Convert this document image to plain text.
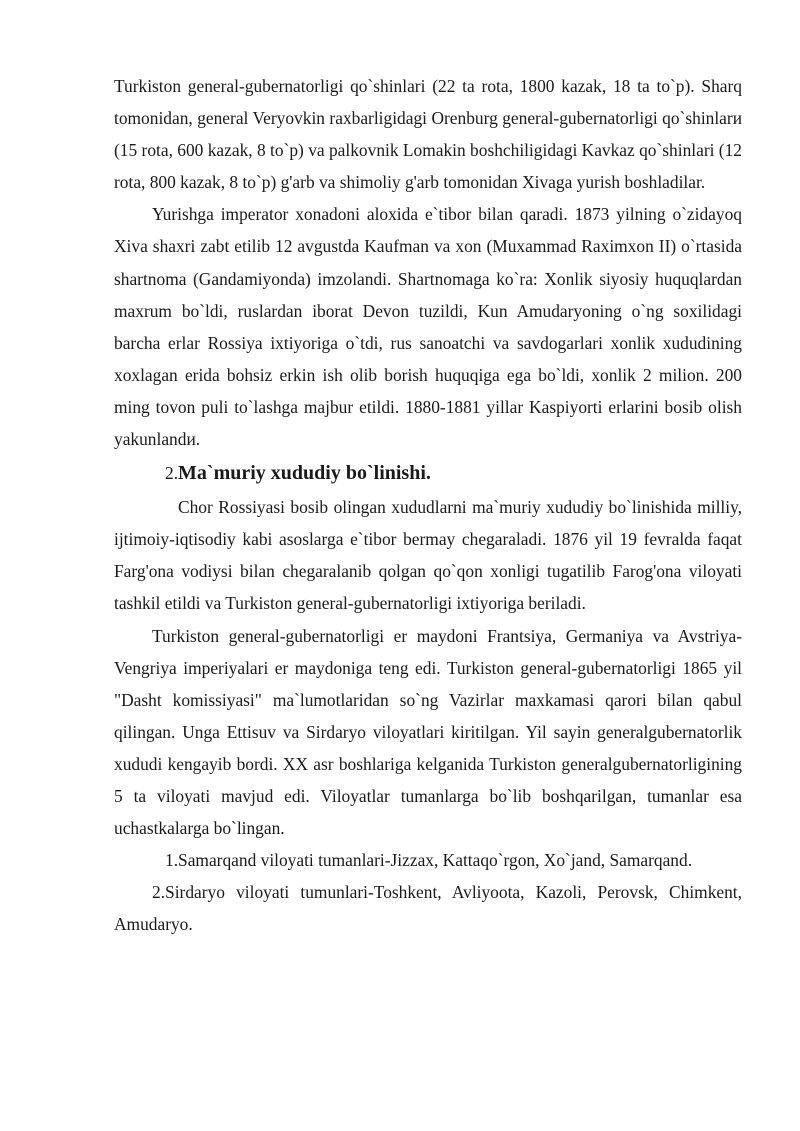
Turkiston general-gubernatorligi qo`shinlari (22 ta rota, 1800 kazak, 18 ta to`p). Sharq tomonidan, general Veryovkin raxbarligidagi Orenburg general-gubernatorligi qo`shinlarи (15 rota, 600 kazak, 8 to`p) va palkovnik Lomakin boshchiligidagi Kavkaz qo`shinlari (12 rota, 800 kazak, 8 to`p) g'arb va shimoliy g'arb tomonidan Xivaga yurish boshladilar.

Yurishga imperator xonadoni aloxida e`tibor bilan qaradi. 1873 yilning o`zidayoq Xiva shaxri zabt etilib 12 avgustda Kaufman va xon (Muxammad Raximxon II) o`rtasida shartnoma (Gandamiyonda) imzolandi. Shartnomaga ko`ra: Xonlik siyosiy huquqlardan maxrum bo`ldi, ruslardan iborat Devon tuzildi, Kun Amudaryoning o`ng soxilidagi barcha erlar Rossiya ixtiyoriga o`tdi, rus sanoatchi va savdogarlari xonlik xududining xoxlagan erida bohsiz erkin ish olib borish huquqiga ega bo`ldi, xonlik 2 milion. 200 ming tovon puli to`lashga majbur etildi. 1880-1881 yillar Kaspiyorti erlarini bosib olish yakunlandи.

2.Ma`muriy xududiy bo`linishi.

Chor Rossiyasi bosib olingan xududlarni ma`muriy xududiy bo`linishida milliy, ijtimoiy-iqtisodiy kabi asoslarga e`tibor bermay chegaraladi. 1876 yil 19 fevralda faqat Farg'ona vodiysi bilan chegaralanib qolgan qo`qon xonligi tugatilib Farog'ona viloyati tashkil etildi va Turkiston general-gubernatorligi ixtiyoriga beriladi.

Turkiston general-gubernatorligi er maydoni Frantsiya, Germaniya va Avstriya-Vengriya imperiyalari er maydoniga teng edi. Turkiston general-gubernatorligi 1865 yil "Dasht komissiyasi" ma`lumotlaridan so`ng Vazirlar maxkamasi qarori bilan qabul qilingan. Unga Ettisuv va Sirdaryo viloyatlari kiritilgan. Yil sayin generalgubernatorlik xududi kengayib bordi. XX asr boshlariga kelganida Turkiston generalgubernatorligining 5 ta viloyati mavjud edi. Viloyatlar tumanlarga bo`lib boshqarilgan, tumanlar esa uchastkalarga bo`lingan.

1.Samarqand viloyati tumanlari-Jizzax, Kattaqo`rgon, Xo`jand, Samarqand.

2.Sirdaryo viloyati tumunlari-Toshkent, Avliyoota, Kazoli, Perovsk, Chimkent, Amudaryo.
